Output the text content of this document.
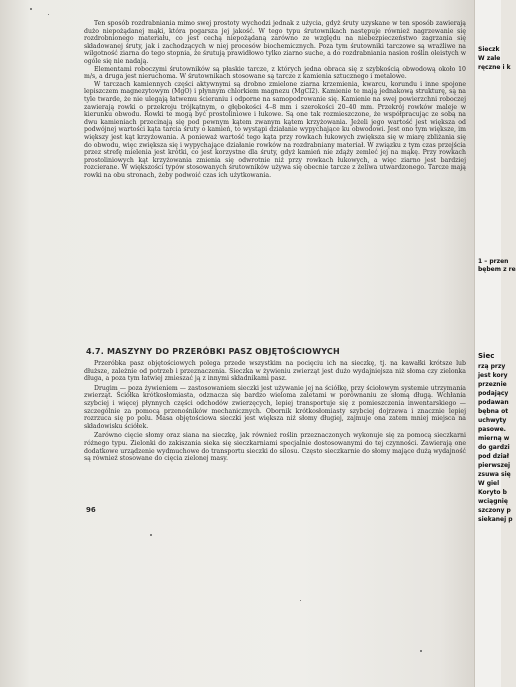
Ten sposób rozdrabniania mimo swej prostoty wychodzi jednak z użycia, gdyż śruty uzyskane w ten sposób zawierają dużo niepożądanej mąki, która pogarsza jej jakość. W tego typu śrutownikach następuje również nagrzewanie się rozdrobnionego materiału, co jest cechą niepożądaną zarówno ze względu na niebezpieczeństwo zagrzania się składowanej śruty, jak i zachodzących w niej procesów biochemicznych. Poza tym śrutowniki tarczowe są wrażliwe na wilgotność ziarna do tego stopnia, że śrutują prawidłowo tylko ziarno suche, a do rozdrabniania nasion roślin oleistych w ogóle się nie nadają.

Elementami roboczymi śrutowników są płaskie tarcze, z których jedna obraca się z szybkością obwodową około 10 m/s, a druga jest nieruchoma. W śrutownikach stosowane są tarcze z kamienia sztucznego i metalowe.

W tarczach kamiennych części aktywnymi są drobno zmielone ziarna krzemienia, kwarcu, korundu i inne spojone lepiszczem magnezytowym (MgO) i płynnym chlorkiem magnezu (MgCl2). Kamienie te mają jednakową strukturę, są na tyle twarde, że nie ulegają łatwemu ścieraniu i odporne na samopodrowanie się. Kamienie na swej powierzchni roboczej zawierają rowki o przekroju trójkątnym, o głębokości 4–8 mm i szerokości 20–40 mm. Przekrój rowków maleje w kierunku obwodu. Rowki te mogą być prostoliniowe i łukowe. Są one tak rozmieszczone, że współpracując ze sobą na dwu kamieniach przecinają się pod pewnym kątem zwanym kątem krzyżowania. Jeżeli jego wartość jest większa od podwójnej wartości kąta tarcia śruty o kamień, to wystąpi działanie wypychające ku obwodowi. Jest ono tym większe, im większy jest kąt krzyżowania. A ponieważ wartość tego kąta przy rowkach łukowych zwiększa się w miarę zbliżania się do obwodu, więc zwiększa się i wypychające działanie rowków na rozdrabniany materiał. W związku z tym czas przejścia przez strefę mielenia jest krótki, co jest korzystne dla śruty, gdyż kamień nie zdąży zemleć jej na mąkę. Przy rowkach prostoliniowych kąt krzyżowania zmienia się odwrotnie niż przy rowkach łukowych, a więc ziarno jest bardziej rozcierane. W większości typów stosowanych śrutowników używa się obecnie tarcze z żeliwa utwardzonego. Tarcze mają rowki na obu stronach, żeby podwoić czas ich użytkowania.

4.7. MASZYNY DO PRZERÓBKI PASZ OBJĘTOŚCIOWYCH

Przeróbka pasz objętościowych polega przede wszystkim na pocięciu ich na sieczkę, tj. na kawałki krótsze lub dłuższe, zależnie od potrzeb i przeznaczenia. Sieczka w żywieniu zwierząt jest dużo wydajniejsza niż słoma czy zielonka długa, a poza tym łatwiej zmieszać ją z innymi składnikami pasz.

Drugim — poza żywieniem — zastosowaniem sieczki jest używanie jej na ściółkę, przy ściołowym systemie utrzymania zwierząt. Ściółka krótkosłomiasta, odznacza się bardzo wieloma zaletami w porównaniu ze słomą długą. Wchłania szybciej i więcej płynnych części odchodów zwierzęcych, lepiej transportuje się z pomieszczenia inwentarskiego — szczególnie za pomocą przenośników mechanicznych. Obornik krótkosłomiasty szybciej dojrzewa i znacznie lepiej rozrzuca się po polu. Masa objętościowa sieczki jest większa niż słomy długiej, zajmuje ona zatem mniej miejsca na składowisku ściółek.

Zarówno cięcie słomy oraz siana na sieczkę, jak również roślin przeznaczonych wykonuje się za pomocą sieczkarni różnego typu. Zielonki do zakiszania sieka się sieczkarniami specjalnie dostosowanymi do tej czynności. Zawierają one dodatkowe urządzenie wydmuchowe do transportu sieczki do silosu. Często sieczkarnie do słomy mające dużą wydajność są również stosowane do cięcia zielonej masy.

96
Sieczk
W zale
ręczne i k
1 – przen
bębem z re
Siec
rzą przy
jest kory
przeznie
podający
podawan
bębna ot
uchwyty
pasowe.
mierną w
do gardzi
pod dział
pierwszej
zsuwa się
W giel
Koryto b
wciągnię
szczony p
siekanej p
